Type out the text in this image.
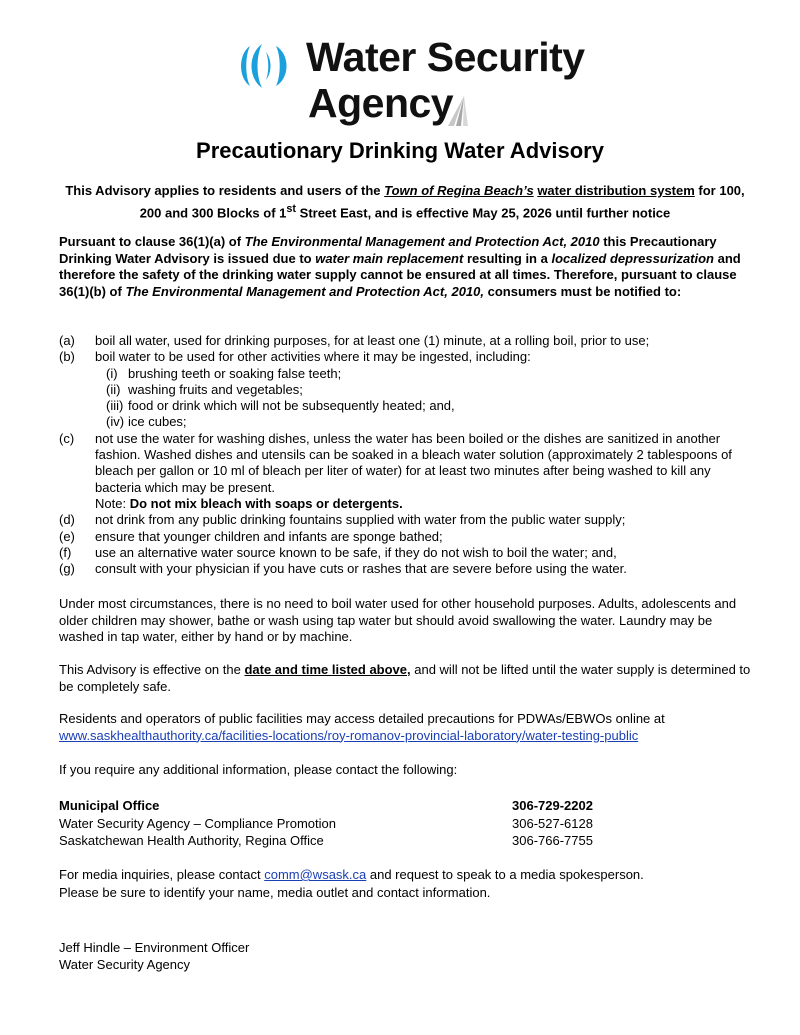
Water Security
Agency
Precautionary Drinking Water Advisory
This Advisory applies to residents and users of the Town of Regina Beach’s water distribution system for 100, 200 and 300 Blocks of 1st Street East, and is effective May 25, 2026 until further notice
Pursuant to clause 36(1)(a) of The Environmental Management and Protection Act, 2010 this Precautionary Drinking Water Advisory is issued due to water main replacement resulting in a localized depressurization and therefore the safety of the drinking water supply cannot be ensured at all times. Therefore, pursuant to clause 36(1)(b) of The Environmental Management and Protection Act, 2010, consumers must be notified to:
(a) boil all water, used for drinking purposes, for at least one (1) minute, at a rolling boil, prior to use;
(b) boil water to be used for other activities where it may be ingested, including:
(i) brushing teeth or soaking false teeth;
(ii) washing fruits and vegetables;
(iii) food or drink which will not be subsequently heated; and,
(iv) ice cubes;
(c) not use the water for washing dishes, unless the water has been boiled or the dishes are sanitized in another fashion. Washed dishes and utensils can be soaked in a bleach water solution (approximately 2 tablespoons of bleach per gallon or 10 ml of bleach per liter of water) for at least two minutes after being washed to kill any bacteria which may be present.
Note: Do not mix bleach with soaps or detergents.
(d) not drink from any public drinking fountains supplied with water from the public water supply;
(e) ensure that younger children and infants are sponge bathed;
(f) use an alternative water source known to be safe, if they do not wish to boil the water; and,
(g) consult with your physician if you have cuts or rashes that are severe before using the water.
Under most circumstances, there is no need to boil water used for other household purposes. Adults, adolescents and older children may shower, bathe or wash using tap water but should avoid swallowing the water. Laundry may be washed in tap water, either by hand or by machine.
This Advisory is effective on the date and time listed above, and will not be lifted until the water supply is determined to be completely safe.
Residents and operators of public facilities may access detailed precautions for PDWAs/EBWOs online at www.saskhealthauthority.ca/facilities-locations/roy-romanov-provincial-laboratory/water-testing-public
If you require any additional information, please contact the following:
Municipal Office	306-729-2202
Water Security Agency – Compliance Promotion	306-527-6128
Saskatchewan Health Authority, Regina Office	306-766-7755
For media inquiries, please contact comm@wsask.ca and request to speak to a media spokesperson.
Please be sure to identify your name, media outlet and contact information.
Jeff Hindle – Environment Officer
Water Security Agency
